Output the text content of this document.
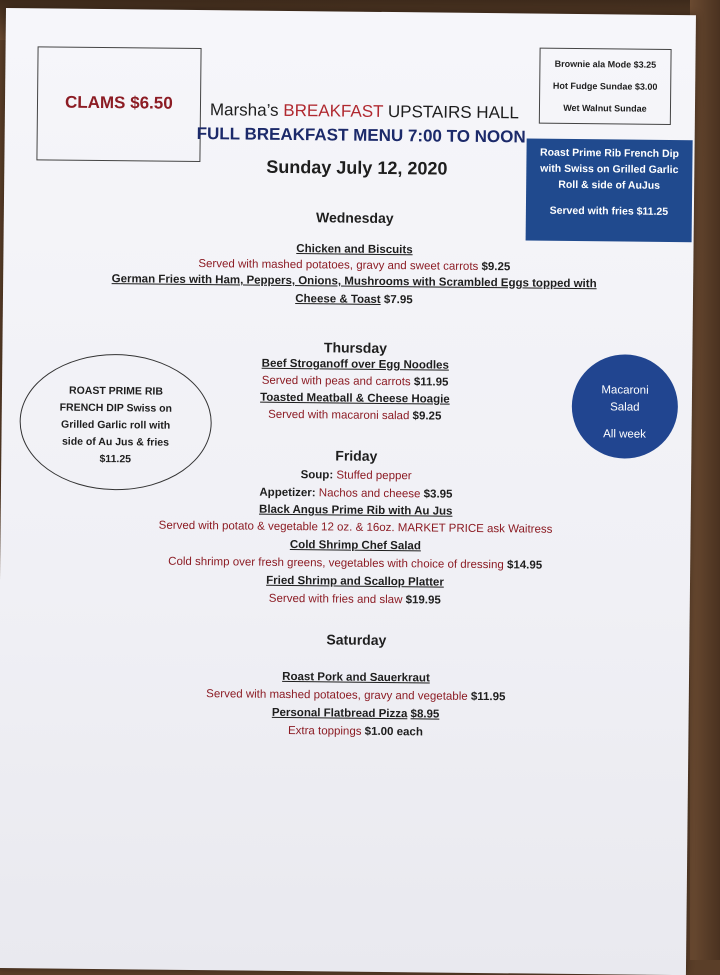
CLAMS $6.50 Marsha’s BREAKFAST UPSTAIRS HALL
FULL BREAKFAST MENU 7:00 TO NOON
Sunday July 12, 2020
Brownie ala Mode $3.25
Hot Fudge Sundae $3.00
Wet Walnut Sundae
Roast Prime Rib French Dip
with Swiss on Grilled Garlic
Roll & side of AuJus
Served with fries $11.25
Wednesday
Chicken and Biscuits
Served with mashed potatoes, gravy and sweet carrots $9.25
German Fries with Ham, Peppers, Onions, Mushrooms with Scrambled Eggs topped with
Cheese & Toast $7.95
ROAST PRIME RIB
FRENCH DIP Swiss on
Grilled Garlic roll with
side of Au Jus & fries
$11.25
Macaroni
Salad
All week
Thursday
Beef Stroganoff over Egg Noodles
Served with peas and carrots $11.95
Toasted Meatball & Cheese Hoagie
Served with macaroni salad $9.25
Friday
Soup: Stuffed pepper
Appetizer: Nachos and cheese $3.95
Black Angus Prime Rib with Au Jus
Served with potato & vegetable 12 oz. & 16oz. MARKET PRICE ask Waitress
Cold Shrimp Chef Salad
Cold shrimp over fresh greens, vegetables with choice of dressing $14.95
Fried Shrimp and Scallop Platter
Served with fries and slaw $19.95
Saturday
Roast Pork and Sauerkraut
Served with mashed potatoes, gravy and vegetable $11.95
Personal Flatbread Pizza $8.95
Extra toppings $1.00 each
